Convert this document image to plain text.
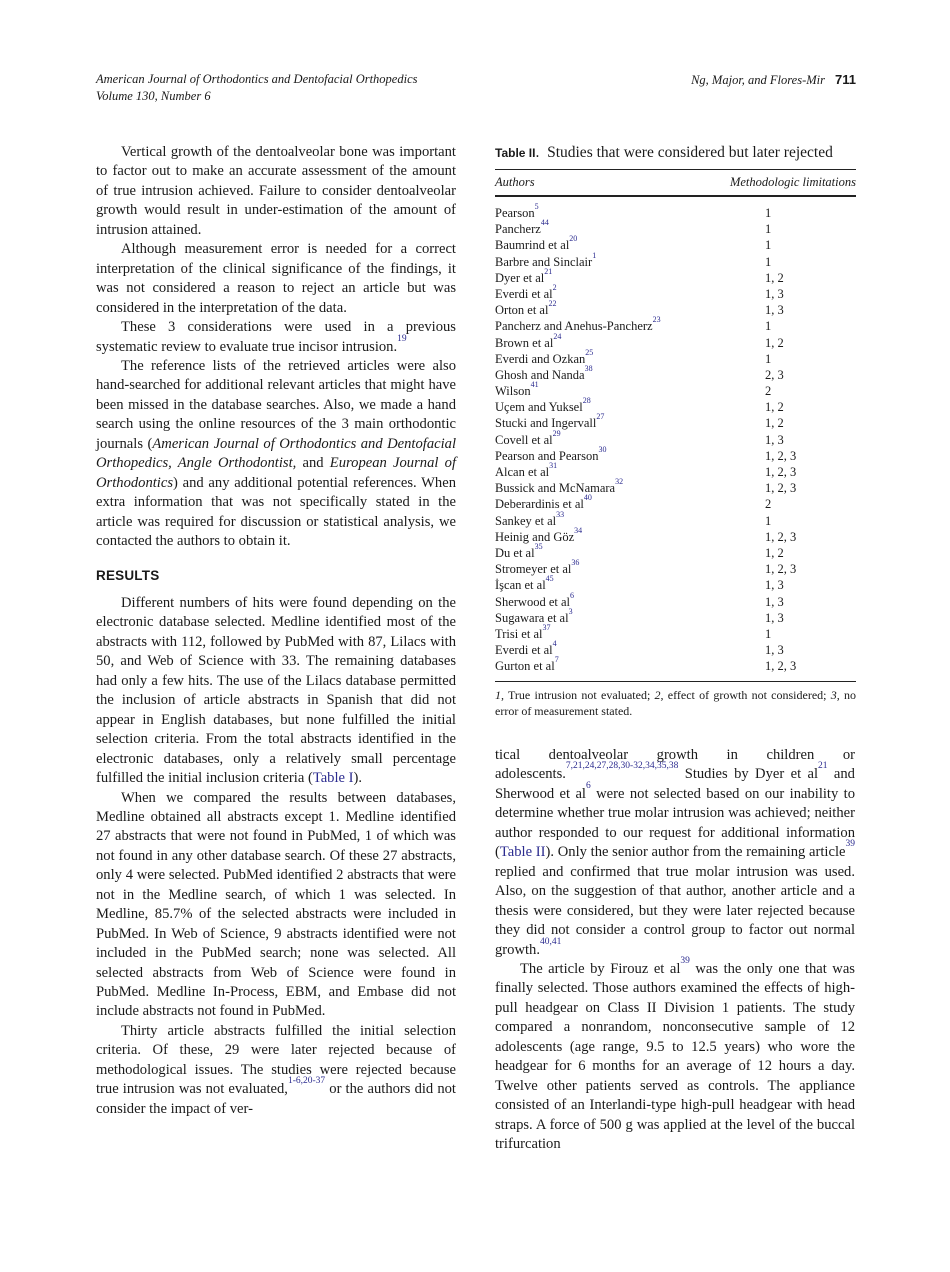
American Journal of Orthodontics and Dentofacial Orthopedics
Volume 130, Number 6
Ng, Major, and Flores-Mir 711

Vertical growth of the dentoalveolar bone was important to factor out to make an accurate assessment of the amount of true intrusion achieved. Failure to consider dentoalveolar growth would result in under-estimation of the amount of intrusion attained.

Although measurement error is needed for a correct interpretation of the clinical significance of the findings, it was not considered a reason to reject an article but was considered in the interpretation of the data.

These 3 considerations were used in a previous systematic review to evaluate true incisor intrusion.$^{19}$

The reference lists of the retrieved articles were also hand-searched for additional relevant articles that might have been missed in the database searches. Also, we made a hand search using the online resources of the 3 main orthodontic journals (American Journal of Orthodontics and Dentofacial Orthopedics, Angle Orthodontist, and European Journal of Orthodontics) and any additional potential references. When extra information that was not specifically stated in the article was required for discussion or statistical analysis, we contacted the authors to obtain it.

RESULTS

Different numbers of hits were found depending on the electronic database selected. Medline identified most of the abstracts with 112, followed by PubMed with 87, Lilacs with 50, and Web of Science with 33. The remaining databases had only a few hits. The use of the Lilacs database permitted the inclusion of article abstracts in Spanish that did not appear in English databases, but none fulfilled the initial selection criteria. From the total abstracts identified in the electronic databases, only a relatively small percentage fulfilled the initial inclusion criteria (Table I).

When we compared the results between databases, Medline obtained all abstracts except 1. Medline identified 27 abstracts that were not found in PubMed, 1 of which was not found in any other database search. Of these 27 abstracts, only 4 were selected. PubMed identified 2 abstracts that were not in the Medline search, of which 1 was selected. In Medline, 85.7% of the selected abstracts were included in PubMed. In Web of Science, 9 abstracts identified were not included in the PubMed search; none was selected. All selected abstracts from Web of Science were found in PubMed. Medline In-Process, EBM, and Embase did not include abstracts not found in PubMed.

Thirty article abstracts fulfilled the initial selection criteria. Of these, 29 were later rejected because of methodological issues. The studies were rejected because true intrusion was not evaluated,$^{1-6,20-37}$ or the authors did not consider the impact of ver-

Table II.  Studies that were considered but later rejected
Authors	Methodologic limitations
Pearson$^5$	1
Pancherz$^{44}$	1
Baumrind et $al^{20}$	1
Barbre and Sinclair$^1$	1
Dyer et $al^{21}$	1, 2
Everdi et $al^2$	1, 3
Orton et $al^{22}$	1, 3
Pancherz and Anehus-Pancherz$^{23}$	1
Brown et $al^{24}$	1, 2
Everdi and Ozkan$^{25}$	1
Ghosh and Nanda$^{38}$	2, 3
Wilson$^{41}$	2
Uçem and Yuksel$^{28}$	1, 2
Stucki and Ingervall$^{27}$	1, 2
Covell et $al^{29}$	1, 3
Pearson and Pearson$^{30}$	1, 2, 3
Alcan et $al^{31}$	1, 2, 3
Bussick and McNamara$^{32}$	1, 2, 3
Deberardinis et $al^{40}$	2
Sankey et $al^{33}$	1
Heinig and Göz$^{34}$	1, 2, 3
Du et $al^{35}$	1, 2
Stromeyer et $al^{36}$	1, 2, 3
İşcan et $al^{45}$	1, 3
Sherwood et $al^6$	1, 3
Sugawara et $al^3$	1, 3
Trisi et $al^{37}$	1
Everdi et $al^4$	1, 3
Gurton et $al^7$	1, 2, 3
1, True intrusion not evaluated; 2, effect of growth not considered; 3, no error of measurement stated.

tical dentoalveolar growth in children or adolescents.$^{7,21,24,27,28,30-32,34,35,38}$ Studies by Dyer et $al^{21}$ and Sherwood et $al^6$ were not selected based on our inability to determine whether true molar intrusion was achieved; neither author responded to our request for additional information (Table II). Only the senior author from the remaining article$^{39}$ replied and confirmed that true molar intrusion was used. Also, on the suggestion of that author, another article and a thesis were considered, but they were later rejected because they did not consider a control group to factor out normal growth.$^{40,41}$

The article by Firouz et $al^{39}$ was the only one that was finally selected. Those authors examined the effects of high-pull headgear on Class II Division 1 patients. The study compared a nonrandom, nonconsecutive sample of 12 adolescents (age range, 9.5 to 12.5 years) who wore the headgear for 6 months for an average of 12 hours a day. Twelve other patients served as controls. The appliance consisted of an Interlandi-type high-pull headgear with head straps. A force of 500 g was applied at the level of the buccal trifurcation
